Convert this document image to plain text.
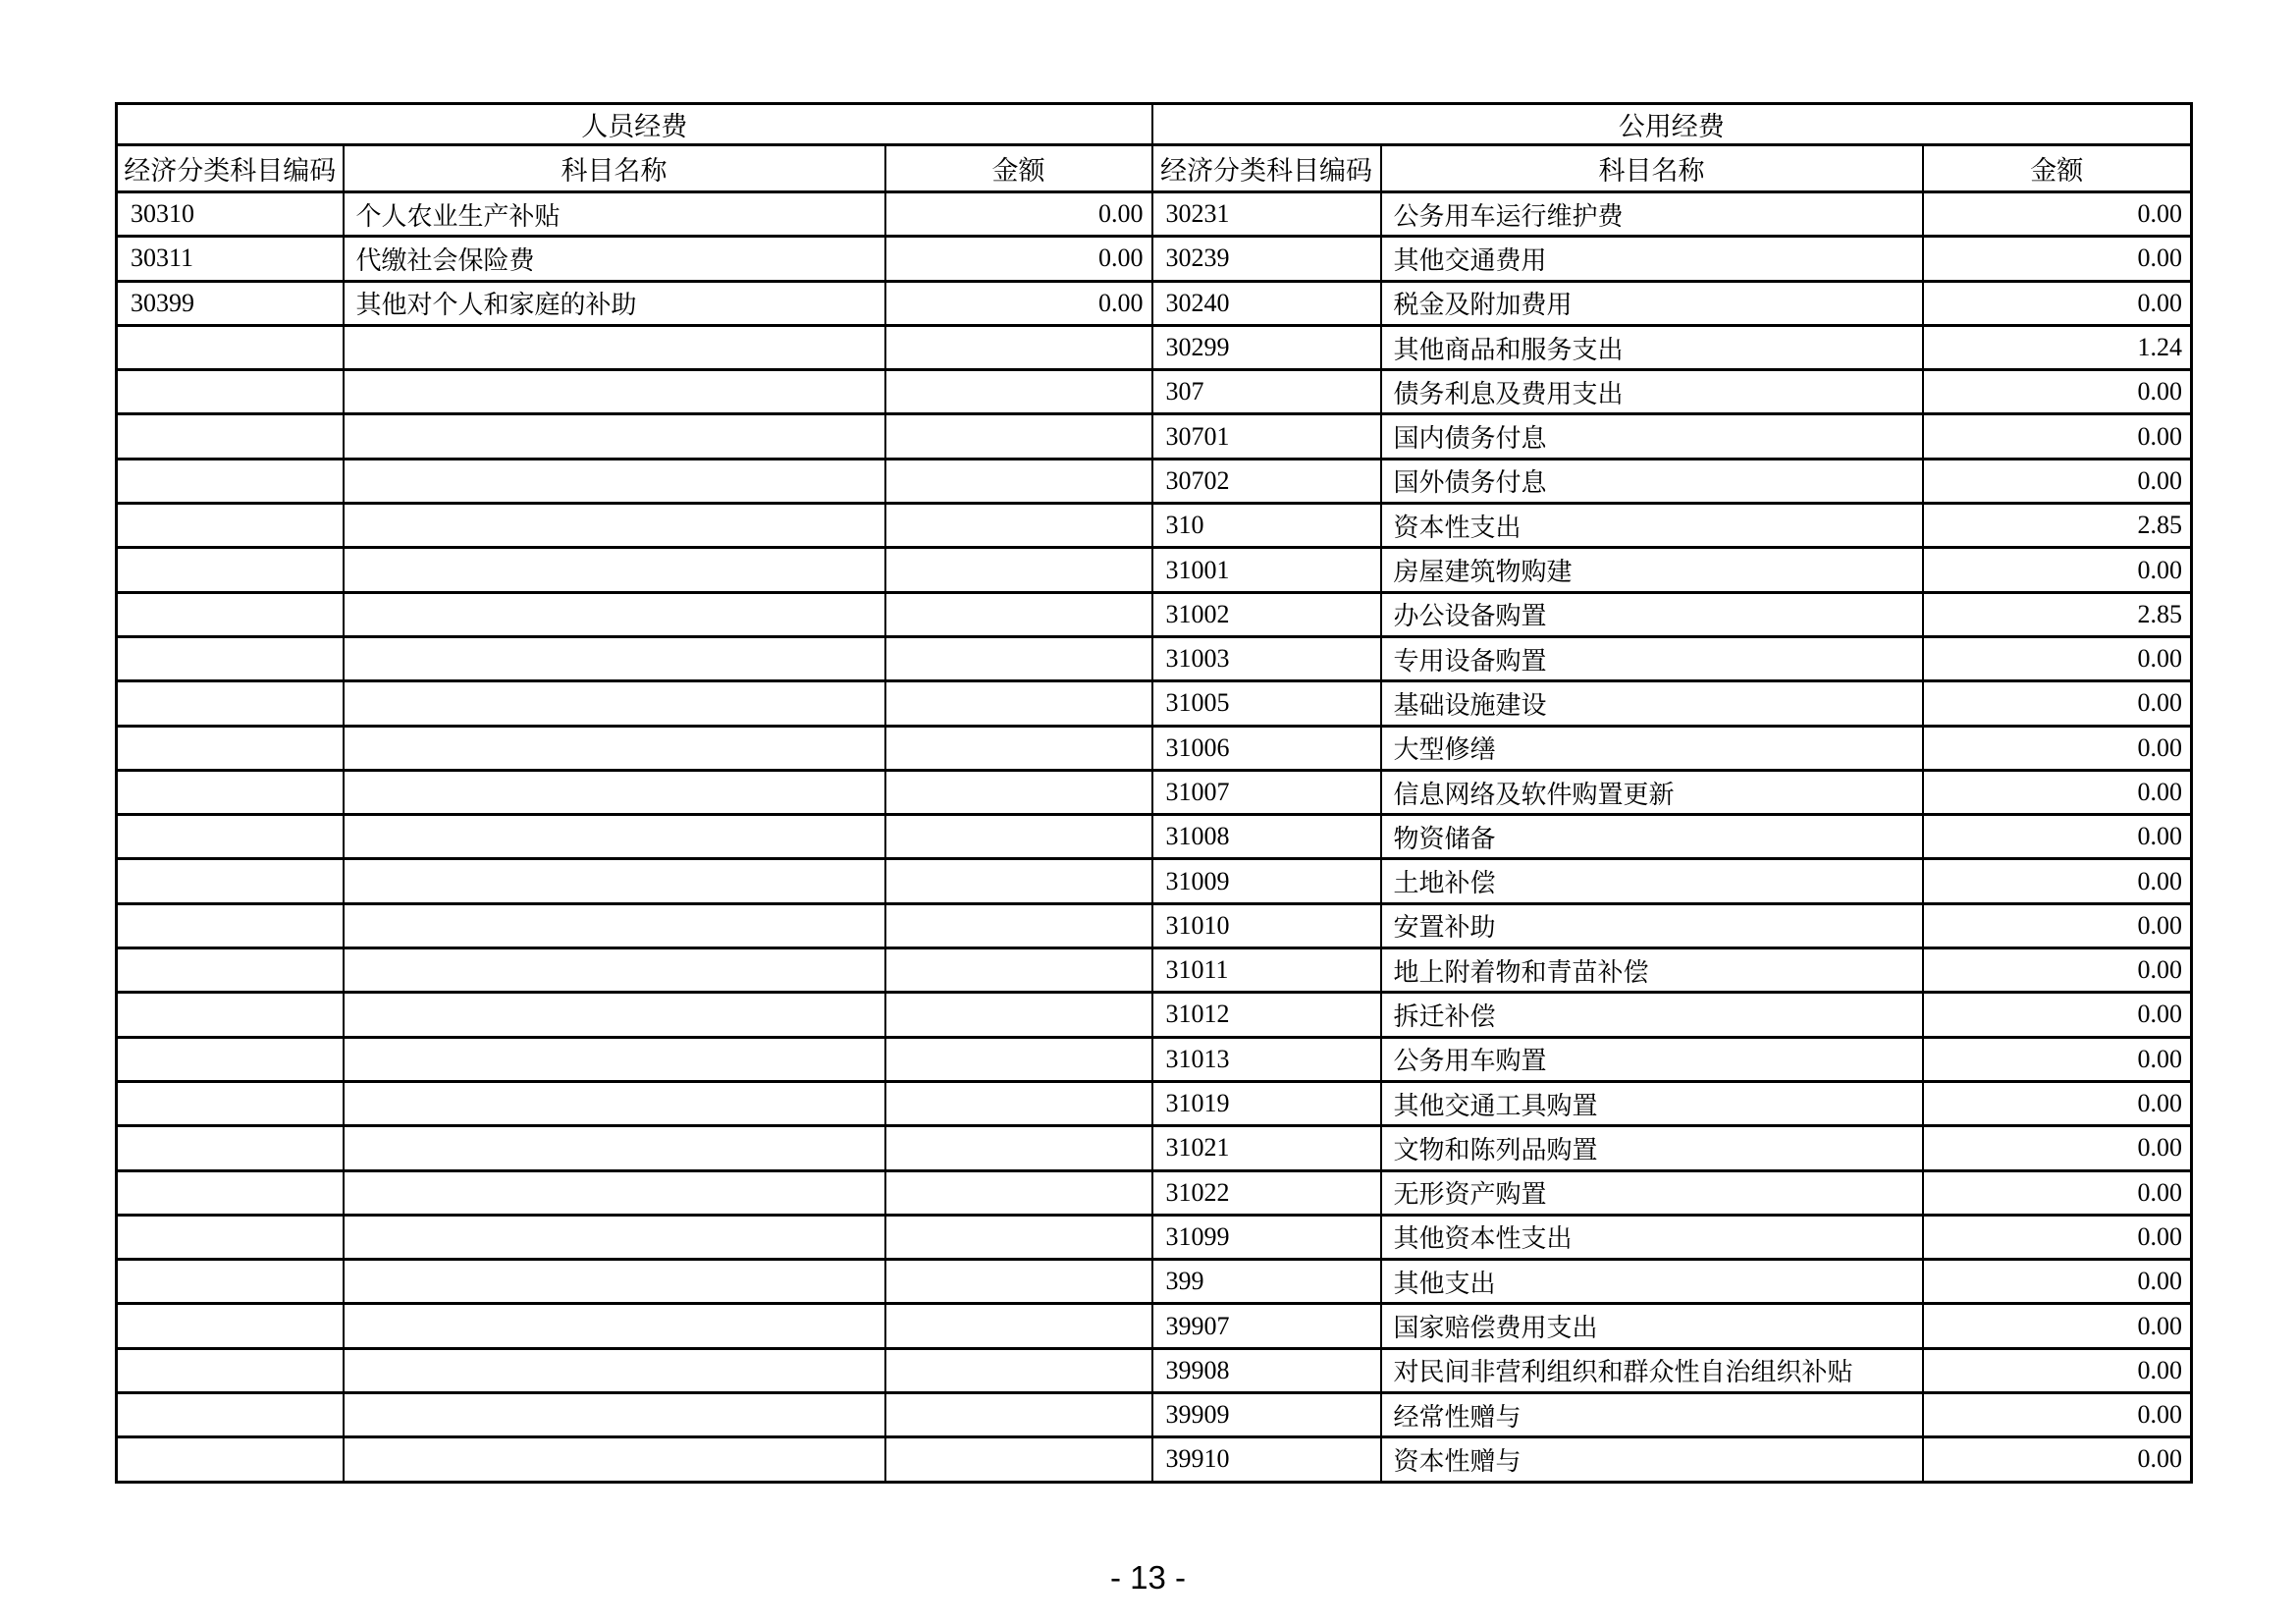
人员经费			公用经费		
经济分类科目编码	科目名称	金额	经济分类科目编码	科目名称	金额
30310	个人农业生产补贴	0.00	30231	公务用车运行维护费	0.00
30311	代缴社会保险费	0.00	30239	其他交通费用	0.00
30399	其他对个人和家庭的补助	0.00	30240	税金及附加费用	0.00
			30299	其他商品和服务支出	1.24
			307	债务利息及费用支出	0.00
			30701	国内债务付息	0.00
			30702	国外债务付息	0.00
			310	资本性支出	2.85
			31001	房屋建筑物购建	0.00
			31002	办公设备购置	2.85
			31003	专用设备购置	0.00
			31005	基础设施建设	0.00
			31006	大型修缮	0.00
			31007	信息网络及软件购置更新	0.00
			31008	物资储备	0.00
			31009	土地补偿	0.00
			31010	安置补助	0.00
			31011	地上附着物和青苗补偿	0.00
			31012	拆迁补偿	0.00
			31013	公务用车购置	0.00
			31019	其他交通工具购置	0.00
			31021	文物和陈列品购置	0.00
			31022	无形资产购置	0.00
			31099	其他资本性支出	0.00
			399	其他支出	0.00
			39907	国家赔偿费用支出	0.00
			39908	对民间非营利组织和群众性自治组织补贴	0.00
			39909	经常性赠与	0.00
			39910	资本性赠与	0.00
- 13 -
